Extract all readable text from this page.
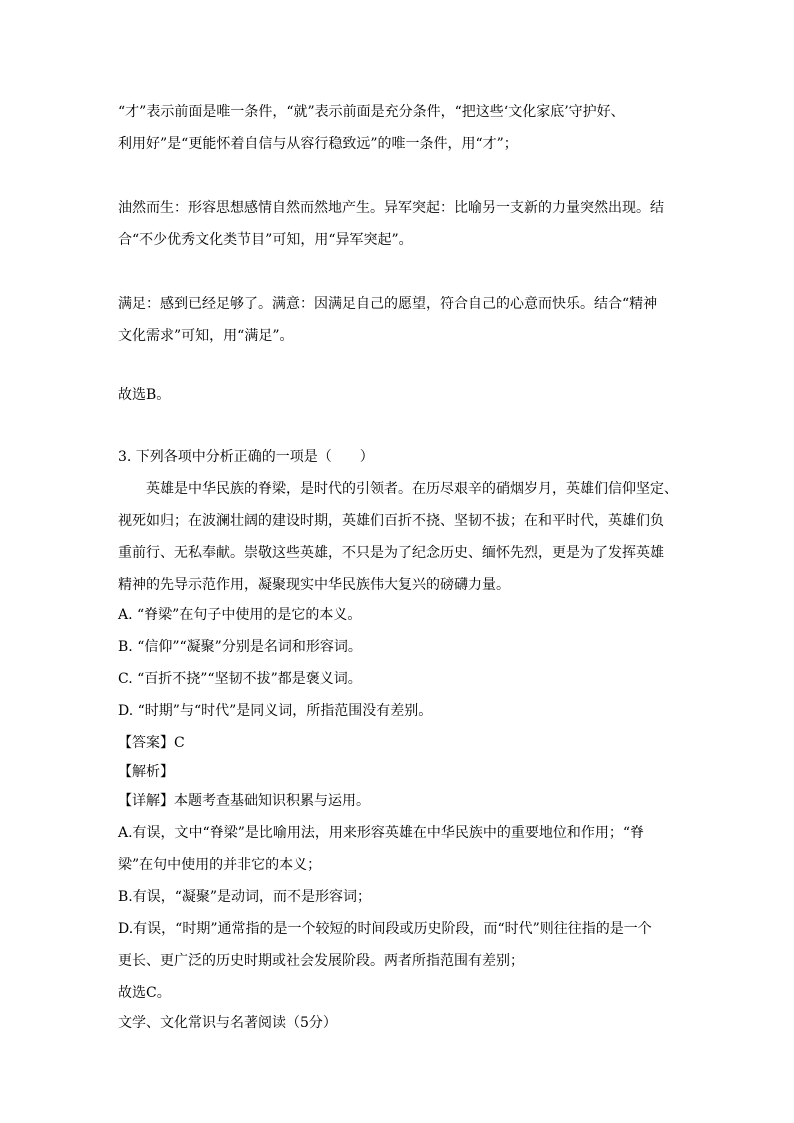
“才”表示前面是唯一条件，“就”表示前面是充分条件，“把这些‘文化家底’守护好、
利用好”是“更能怀着自信与从容行稳致远”的唯一条件，用“才”；
油然而生：形容思想感情自然而然地产生。异军突起：比喻另一支新的力量突然出现。结
合“不少优秀文化类节目”可知，用“异军突起”。
满足：感到已经足够了。满意：因满足自己的愿望，符合自己的心意而快乐。结合“精神
文化需求”可知，用“满足”。
故选B。
3. 下列各项中分析正确的一项是（　　）
英雄是中华民族的脊梁，是时代的引领者。在历尽艰辛的硝烟岁月，英雄们信仰坚定、
视死如归；在波澜壮阔的建设时期，英雄们百折不挠、坚韧不拔；在和平时代，英雄们负
重前行、无私奉献。崇敬这些英雄，不只是为了纪念历史、缅怀先烈，更是为了发挥英雄
精神的先导示范作用，凝聚现实中华民族伟大复兴的磅礴力量。
A. “脊梁”在句子中使用的是它的本义。
B. “信仰”“凝聚”分别是名词和形容词。
C. “百折不挠”“坚韧不拔”都是褒义词。
D. “时期”与“时代”是同义词，所指范围没有差别。
【答案】C
【解析】
【详解】本题考查基础知识积累与运用。
A.有误，文中“脊梁”是比喻用法，用来形容英雄在中华民族中的重要地位和作用；“脊
梁”在句中使用的并非它的本义；
B.有误，“凝聚”是动词，而不是形容词；
D.有误，“时期”通常指的是一个较短的时间段或历史阶段，而“时代”则往往指的是一个
更长、更广泛的历史时期或社会发展阶段。两者所指范围有差别；
故选C。
文学、文化常识与名著阅读（5分）
